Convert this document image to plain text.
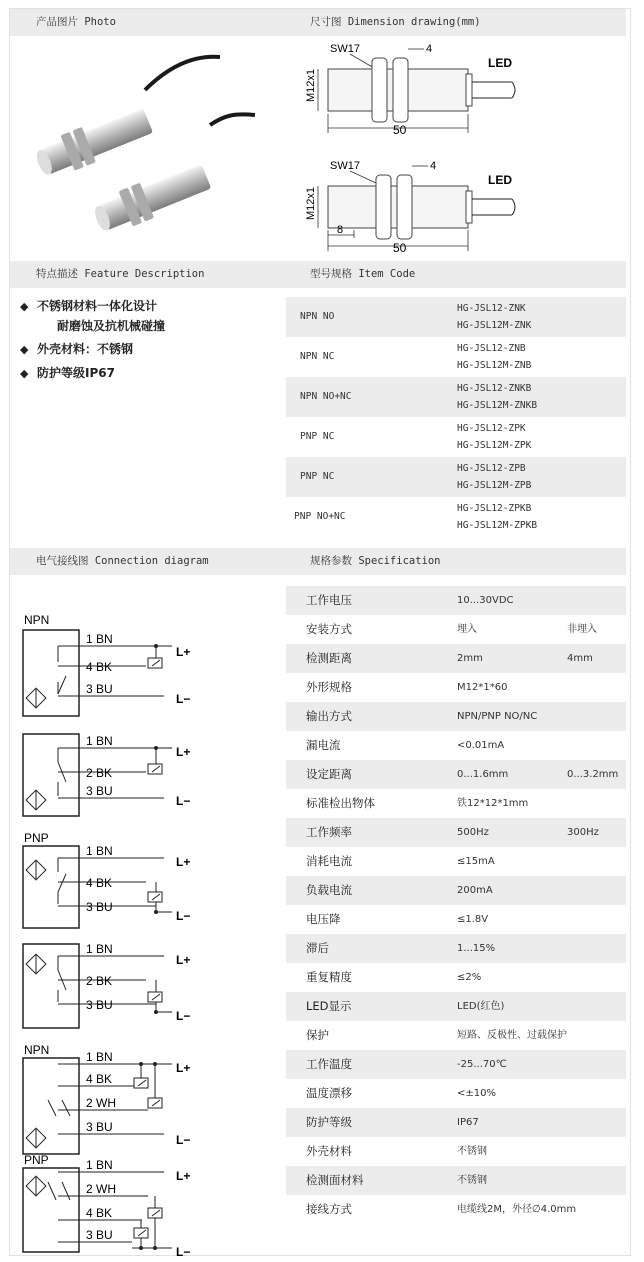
产品图片 Photo	尺寸图 Dimension drawing(mm)
SW17	4
LED
M12x1
50
SW17	4
LED
M12x1
8
50
特点描述 Feature Description	型号规格 Item Code
◆ 不锈钢材料一体化设计
耐磨蚀及抗机械碰撞
◆ 外壳材料：不锈钢
◆ 防护等级IP67
NPN NO
HG-JSL12-ZNK
HG-JSL12M-ZNK
NPN NC
HG-JSL12-ZNB
HG-JSL12M-ZNB
NPN NO+NC
HG-JSL12-ZNKB
HG-JSL12M-ZNKB
PNP NC
HG-JSL12-ZPK
HG-JSL12M-ZPK
PNP NC
HG-JSL12-ZPB
HG-JSL12M-ZPB
PNP NO+NC
HG-JSL12-ZPKB
HG-JSL12M-ZPKB
电气接线图 Connection diagram	规格参数 Specification
NPN
1 BN
4 BK
3 BU
L+
L−
1 BN
2 BK
3 BU
L+
L−
PNP
1 BN
4 BK
3 BU
L+
L−
1 BN
2 BK
3 BU
L+
L−
NPN	1 BN
4 BK
2 WH
3 BU
L+
L−
PNP	1 BN
2 WH
4 BK
3 BU
L+
L−
工作电压	10...30VDC
安装方式	埋入	非埋入
检测距离	2mm	4mm
外形规格	M12*1*60
输出方式	NPN/PNP NO/NC
漏电流	<0.01mA
设定距离	0...1.6mm	0...3.2mm
标准检出物体	铁12*12*1mm
工作频率	500Hz	300Hz
消耗电流	≤15mA
负载电流	200mA
电压降	≤1.8V
滞后	1...15%
重复精度	≤2%
LED显示	LED(红色)
保护	短路、反极性、过载保护
工作温度	-25...70℃
温度漂移	<±10%
防护等级	IP67
外壳材料	不锈钢
检测面材料	不锈钢
接线方式	电缆线2M，外径∅4.0mm
